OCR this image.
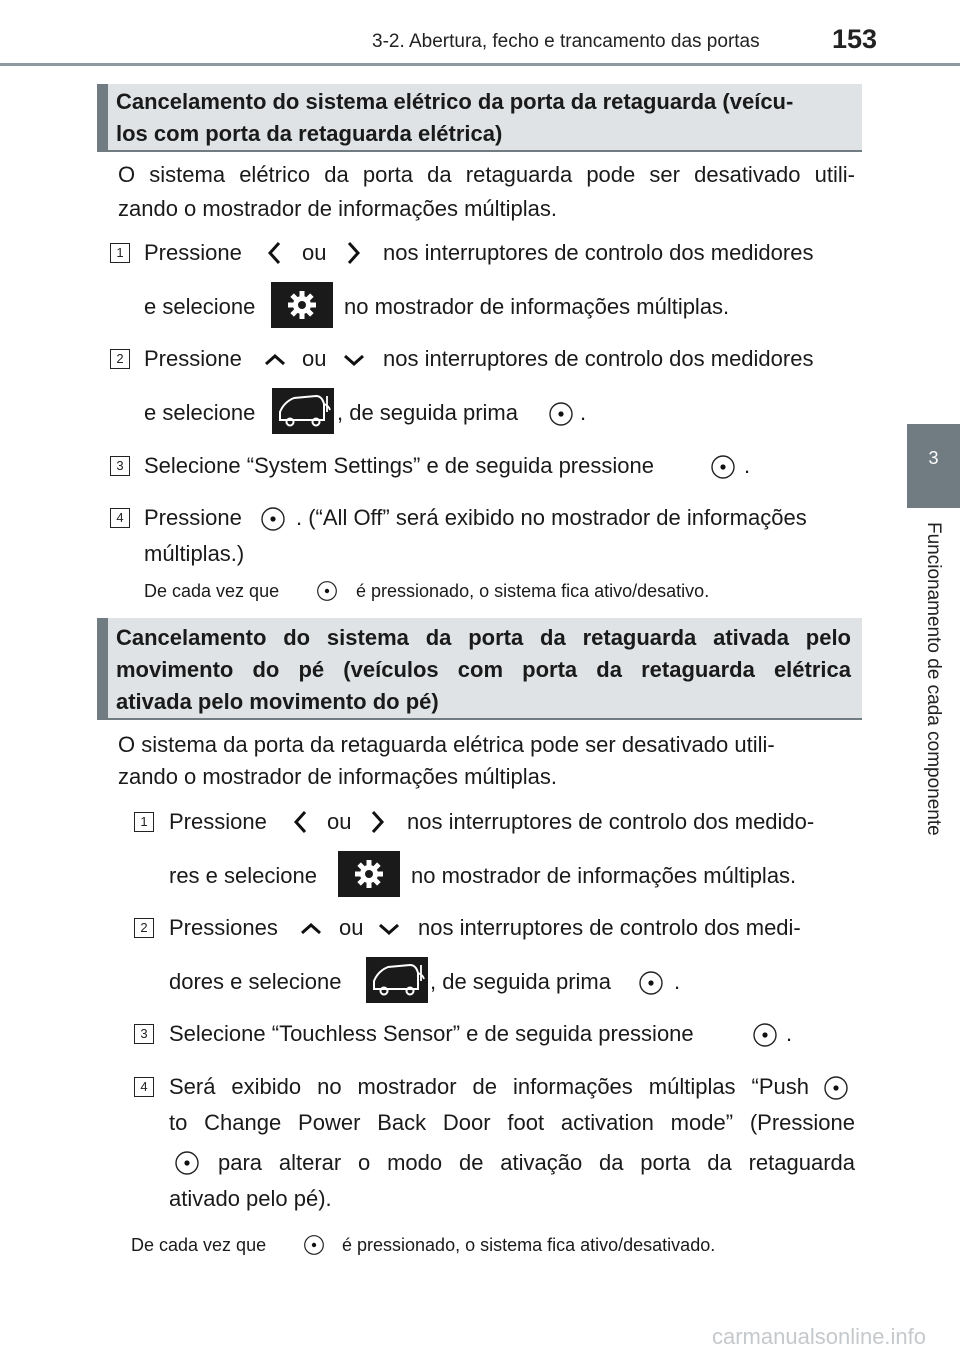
3-2. Abertura, fecho e trancamento das portas	153
3
Funcionamento de cada componente
Cancelamento do sistema elétrico da porta da retaguarda (veícu-
los com porta da retaguarda elétrica)
O sistema elétrico da porta da retaguarda pode ser desativado utili-
zando o mostrador de informações múltiplas.
1 Pressione	ou	nos interruptores de controlo dos medidores
e selecione	no mostrador de informações múltiplas.
2 Pressione	ou	nos interruptores de controlo dos medidores
e selecione	, de seguida prima	.
3 Selecione “System Settings” e de seguida pressione	.
4 Pressione . (“All Off” será exibido no mostrador de informações
múltiplas.)
De cada vez que	é pressionado, o sistema fica ativo/desativo.
Cancelamento do sistema da porta da retaguarda ativada pelo
movimento do pé (veículos com porta da retaguarda elétrica
ativada pelo movimento do pé)
O sistema da porta da retaguarda elétrica pode ser desativado utili-
zando o mostrador de informações múltiplas.
1 Pressione	ou	nos interruptores de controlo dos medido-
res e selecione	no mostrador de informações múltiplas.
2 Pressiones	ou nos interruptores de controlo dos medi-
dores e selecione	, de seguida prima	.
3 Selecione “Touchless Sensor” e de seguida pressione	.
4 Será exibido no mostrador de informações múltiplas “Push
to Change Power Back Door foot activation mode” (Pressione
para alterar o modo de ativação da porta da retaguarda
ativado pelo pé).
De cada vez que	é pressionado, o sistema fica ativo/desativado.
carmanualsonline.info
